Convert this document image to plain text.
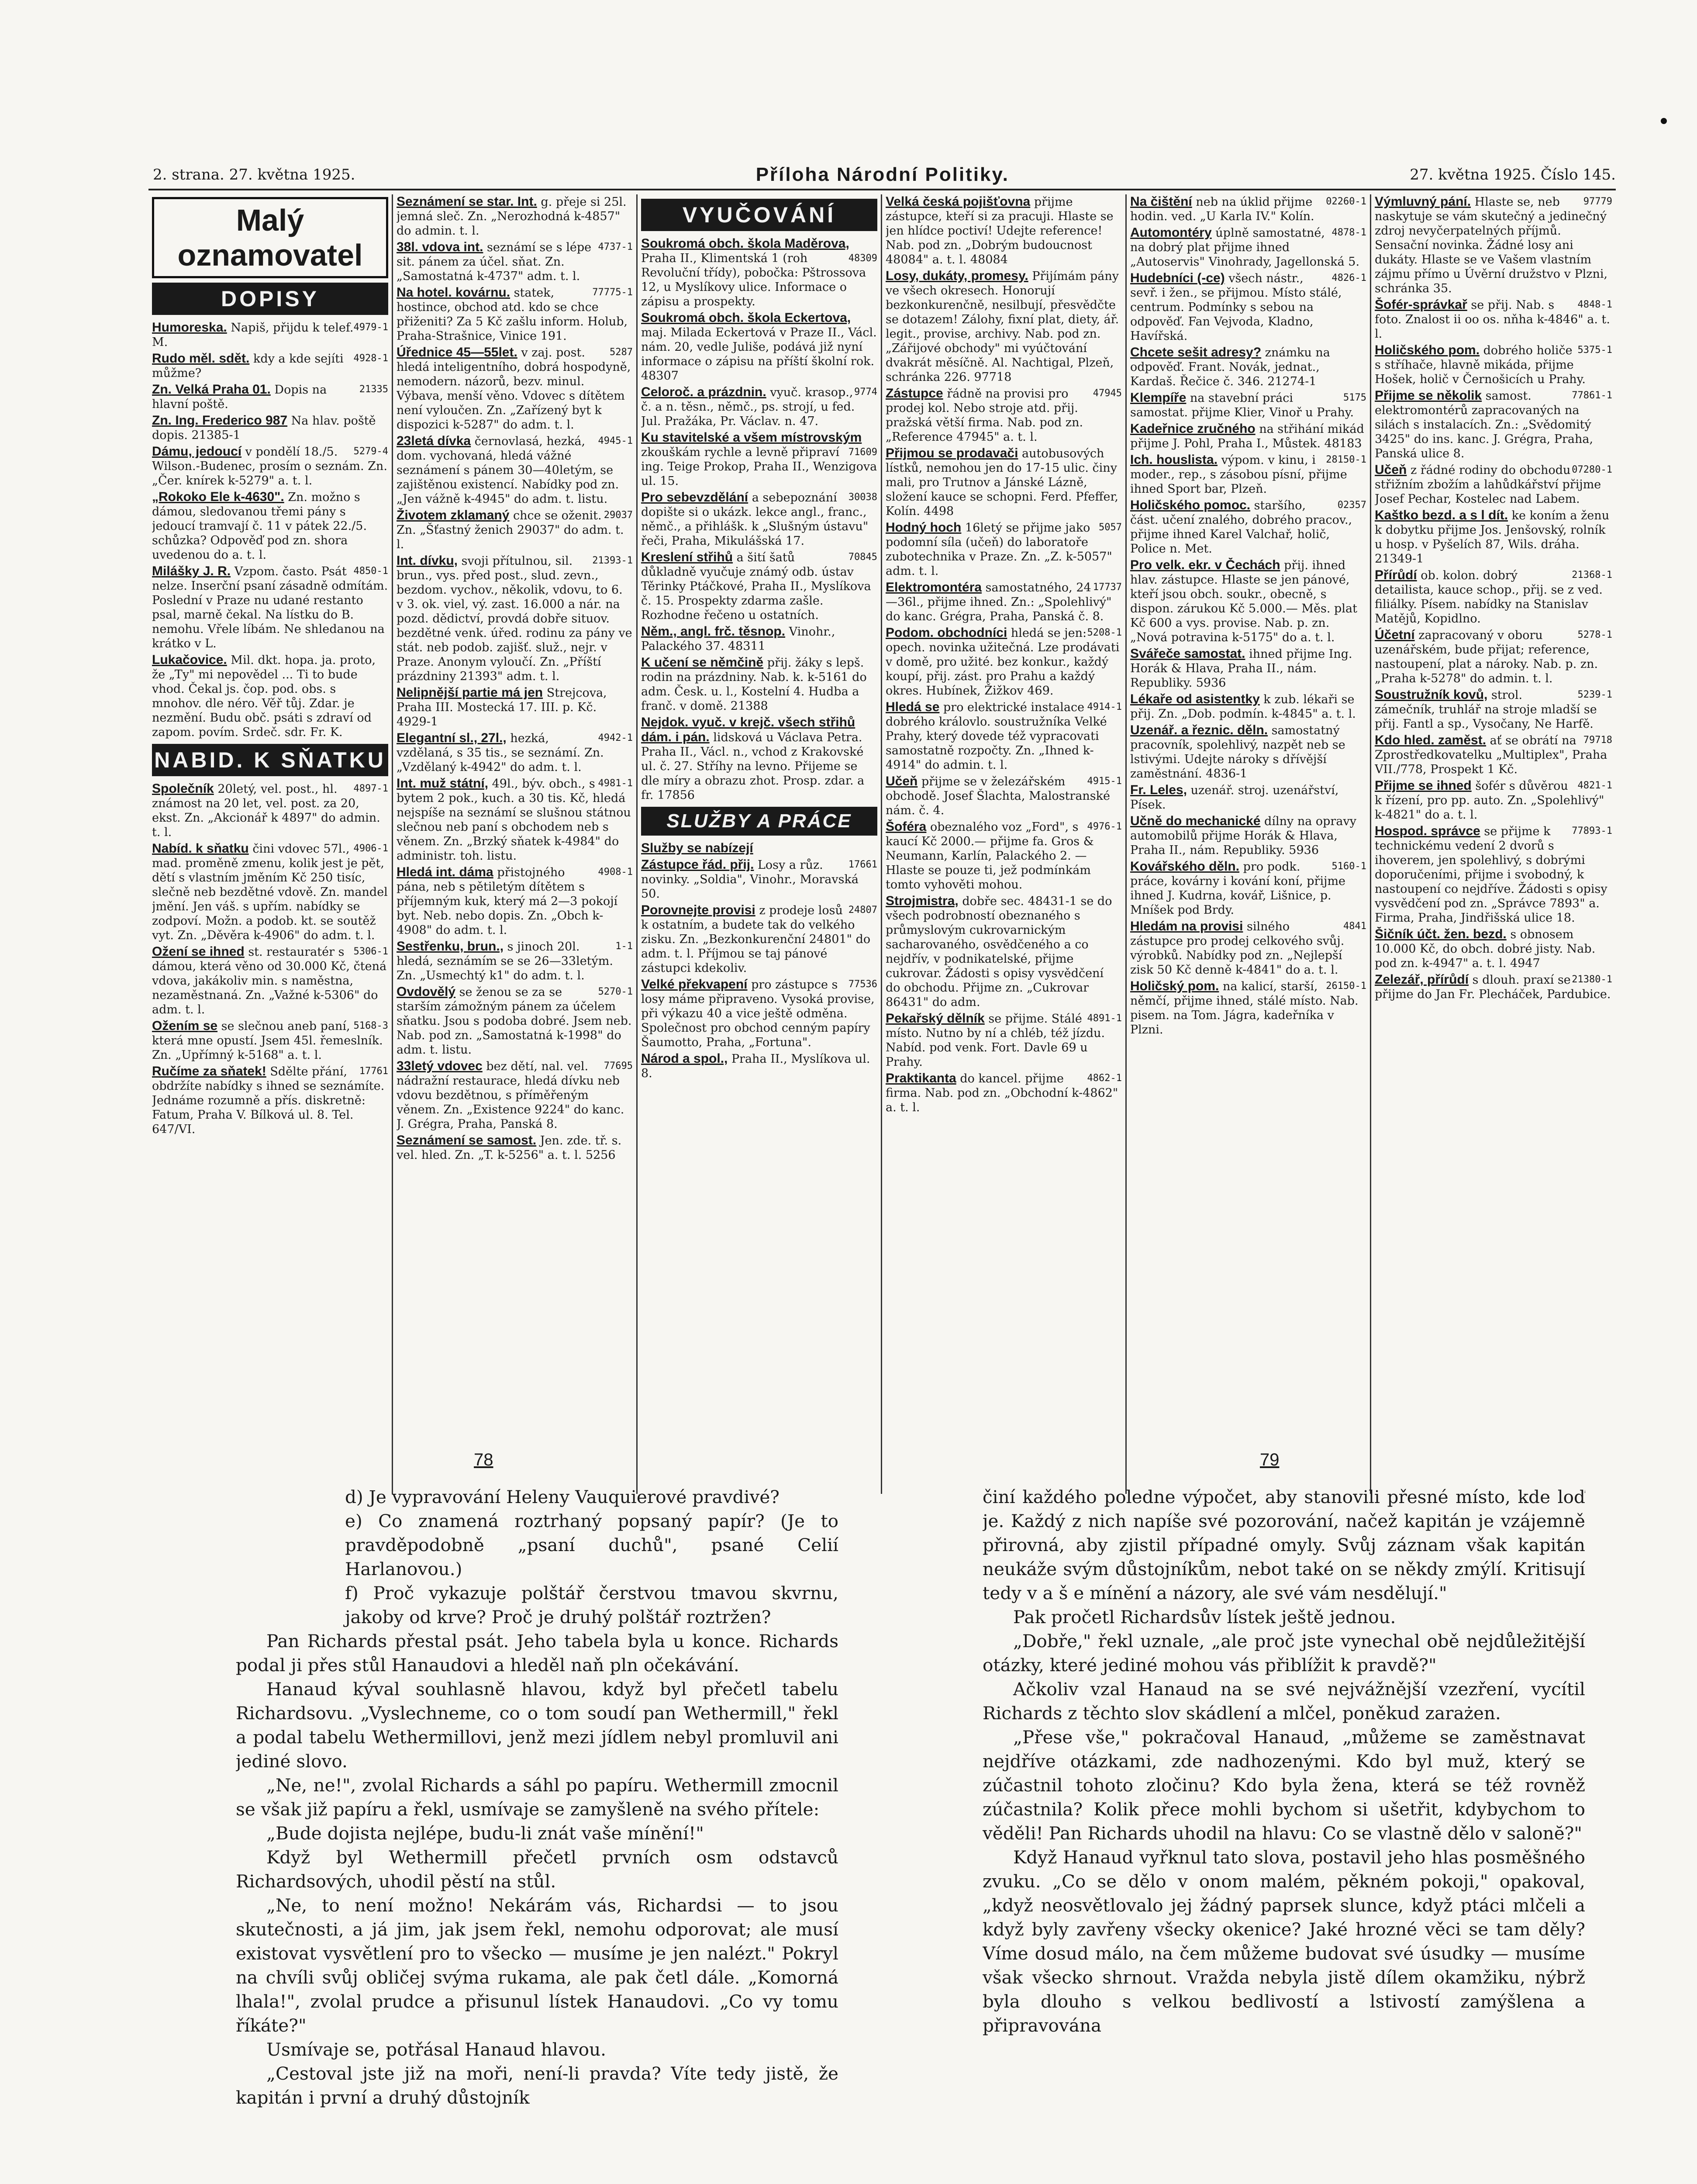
2. strana. 27. května 1925.	Příloha Národní Politiky.	27. května 1925. Číslo 145.
Malý oznamovatel
DOPISY
Humoreska.	4979-1
Napiš, přijdu k telef. M.
Rudo měl. sdět.	4928-1
kdy a kde sejíti můžme?
Zn. Velká Praha 01.	21335
Dopis na hlavní poště.
Zn. Ing. Frederico 987 Na hlav. poště dopis. 21385-1
Dámu, jedoucí	5279-4
v pondělí 18./5. Wilson.-Budenec, prosím o seznám. Zn. „Čer. knírek k-5279" a. t. l.
„Rokoko Ele k-4630". Zn. možno s dámou, sledovanou třemi pány s jedoucí tramvají č. 11 v pátek 22./5. schůzka? Odpověď pod zn. shora uvedenou do a. t. l.
Milášky J. R.	4850-1
Vzpom. často. Psát nelze. Inserční psaní zásadně odmítám. Poslední v Praze nu udané restanto psal, marně čekal. Na lístku do B. nemohu. Vřele líbám. Ne shledanou na krátko v L.
Lukačovice. Mil. dkt. hopa. ja. proto, že „Ty" mi nepovědel ... Ti to bude vhod. Čekal js. čop. pod. obs. s mnohov. dle néro. Věř tůj. Zdar. je nezmění. Budu obč. psáti s zdraví od zapom. povím. Srdeč. sdr. Fr. K.
NABID. K SŇATKU
Společník	4897-1
20letý, vel. post., hl. známost na 20 let, vel. post. za 20, ekst. Zn. „Akcionář k 4897" do admin. t. l.
Nabíd. k sňatku	4906-1
čini vdovec 57l., mad. proměně zmenu, kolik jest je pět, dětí s vlastním jměním Kč 250 tisíc, slečně neb bezdětné vdově. Zn. mandel jmění. Jen váš. s upřím. nabídky se zodpoví. Možn. a podob. kt. se soutěž vyt. Zn. „Děvěra k-4906" do adm. t. l.
Ožení se ihned	5306-1
st. restauratér s dámou, která věno od 30.000 Kč, čtená vdova, jakákoliv min. s naměstna, nezaměstnaná. Zn. „Važné k-5306" do adm. t. l.
Ožením se	5168-3
se slečnou aneb paní, která mne opustí. Jsem 45l. řemeslník. Zn. „Upřímný k-5168" a. t. l.
Ručíme za sňatek!	17761
Sdělte přání, obdržíte nabídky s ihned se seznámíte. Jednáme rozumně a přís. diskretně: Fatum, Praha V. Bílková ul. 8. Tel. 647/VI.
Seznámení se star. Int. g. přeje si 25l. jemná sleč. Zn. „Nerozhodná k-4857" do admin. t. l.
38l. vdova int.	4737-1
seznámí se s lépe sit. pánem za účel. sňat. Zn. „Samostatná k-4737" adm. t. l.
Na hotel. kovárnu.	77775-1
statek, hostince, obchod atd. kdo se chce přiženiti? Za 5 Kč zašlu inform. Holub, Praha-Strašnice, Vinice 191.
Úřednice 45—55let.	5287
v zaj. post. hledá inteligentního, dobrá hospodyně, nemodern. názorů, bezv. minul. Výbava, menší věno. Vdovec s dítětem není vyloučen. Zn. „Zařízený byt k dispozici k-5287" do adm. t. l.
23letá dívka	4945-1
černovlasá, hezká, dom. vychovaná, hledá vážné seznámení s pánem 30—40letým, se zajištěnou existencí. Nabídky pod zn. „Jen vážně k-4945" do adm. t. listu.
Životem zklamaný	29037
chce se oženit. Zn. „Šťastný ženich 29037" do adm. t. l.
Int. dívku,	21393-1
svoji přítulnou, sil. brun., vys. před post., slud. zevn., bezdom. vychov., několik, vdovu, to 6. v 3. ok. viel, vý. zast. 16.000 a nár. na pozd. dědictví, provdá dobře situov. bezdětné venk. úřed. rodinu za pány ve stát. neb podob. zajišť. služ., nejr. v Praze. Anonym vyloučí. Zn. „Příští prázdniny 21393" adm. t. l.
Nelipnější partie má jen Strejcova, Praha III. Mostecká 17. III. p. Kč. 4929-1
Elegantní sl., 27l.,	4942-1
hezká, vzdělaná, s 35 tis., se seznámí. Zn. „Vzdělaný k-4942" do adm. t. l.
Int. muž státní,	4981-1
49l., býv. obch., s bytem 2 pok., kuch. a 30 tis. Kč, hledá nejspíše na seznámí se slušnou státnou slečnou neb paní s obchodem neb s věnem. Zn. „Brzký sňatek k-4984" do administr. toh. listu.
Hledá int. dáma	4908-1
přistojného pána, neb s pětiletým dítětem s příjemným kuk, který má 2—3 pokojí byt. Neb. nebo dopis. Zn. „Obch k-4908" do adm. t. l.
Sestřenku, brun.,	1-1
s jinoch 20l. hledá, seznámím se se 26—33letým. Zn. „Usmechtý k1" do adm. t. l.
Ovdovělý	5270-1
se ženou se za se starším zámožným pánem za účelem sňatku. Jsou s podoba dobré. Jsem neb. Nab. pod zn. „Samostatná k-1998" do adm. t. listu.
33letý vdovec	77695
bez dětí, nal. vel. nádražní restaurace, hledá dívku neb vdovu bezdětnou, s příměřeným věnem. Zn. „Existence 9224" do kanc. J. Grégra, Praha, Panská 8.
Seznámení se samost. Jen. zde. tř. s. vel. hled. Zn. „T. k-5256" a. t. l. 5256
VYUČOVÁNÍ
Soukromá obch. škola Maděrova,
48309
Praha II., Klimentská 1 (roh Revoluční třídy), pobočka: Pštrossova 12, u Myslíkovy ulice. Informace o zápisu a prospekty.
Soukromá obch. škola Eckertova, maj. Milada Eckertová v Praze II., Václ. nám. 20, vedle Juliše, podává již nyní informace o zápisu na příští školní rok. 48307
Celoroč. a prázdnin.	9774
vyuč. krasop., č. a n. těsn., němč., ps. strojí, u fed. Jul. Pražáka, Pr. Václav. n. 47.
Ku stavitelské a všem místrovským
71609
zkouškám rychle a levně připraví ing. Teige Prokop, Praha II., Wenzigova ul. 15.
Pro sebevzdělání	30038
a sebepoznání dopište si o ukázk. lekce angl., franc., němč., a přihlášk. k „Slušným ústavu" řeči, Praha, Mikulášská 17.
Kreslení střihů	70845
a šití šatů důkladně vyučuje známý odb. ústav Těrinky Ptáčkové, Praha II., Myslíkova č. 15. Prospekty zdarma zašle. Rozhodne řečeno u ostatních.
Něm., angl. frč. těsnop. Vinohr., Palackého 37. 48311
K učení se němčině přij. žáky s lepš. rodin na prázdniny. Nab. k. k-5161 do adm. Česk. u. l., Kostelní 4. Hudba a franč. v domě. 21388
Nejdok. vyuč. v krejč. všech střihů dám. i pán. lidsková u Václava Petra. Praha II., Václ. n., vchod z Krakovské ul. č. 27. Stříhy na levno. Přijeme se dle míry a obrazu zhot. Prosp. zdar. a fr. 17856
SLUŽBY A PRÁCE
Služby se nabízejí
Zástupce řád. přij.	17661
Losy a růz. novinky. „Soldia", Vinohr., Moravská 50.
Porovnejte provisi	24807
z prodeje losů k ostatním, a budete tak do velkého zisku. Zn. „Bezkonkurenční 24801" do adm. t. l. Příjmou se taj pánové zástupci kdekoliv.
Velké překvapení	77536
pro zástupce s losy máme připraveno. Vysoká provise, při výkazu 40 a vice ještě odměna. Společnost pro obchod cenným papíry Šaumotto, Praha, „Fortuna".
Národ a spol., Praha II., Myslíkova ul. 8.
Velká česká pojišťovna přijme zástupce, kteří si za pracuji. Hlaste se jen hlídce poctiví! Udejte reference! Nab. pod zn. „Dobrým budoucnost 48084" a. t. l. 48084
Losy, dukáty, promesy. Přijímám pány ve všech okresech. Honorují bezkonkurenčně, nesilbují, přesvědčte se dotazem! Zálohy, fixní plat, diety, ář. legit., provise, archivy. Nab. pod zn. „Zářijové obchody" mi vyúčtování dvakrát měsíčně. Al. Nachtigal, Plzeň, schránka 226. 97718
Zástupce	47945
řádně na provisi pro prodej kol. Nebo stroje atd. přij. pražská větší firma. Nab. pod zn. „Reference 47945" a. t. l.
Přijmou se prodavači autobusových lístků, nemohou jen do 17-15 ulic. činy mali, pro Trutnov a Jánské Lázně, složení kauce se schopni. Ferd. Pfeffer, Kolín. 4498
Hodný hoch	5057
16letý se přijme jako podomní síla (učeň) do laboratoře zubotechnika v Praze. Zn. „Z. k-5057" adm. t. l.
Elektromontéra	17737
samostatného, 24—36l., přijme ihned. Zn.: „Spolehlivý" do kanc. Grégra, Praha, Panská č. 8.
Podom. obchodníci	5208-1
hledá se jen: opech. novinka užitečná. Lze prodávati v domě, pro užité. bez konkur., každý koupí, přij. zást. pro Prahu a každý okres. Hubínek, Žižkov 469.
Hledá se	4914-1
pro elektrické instalace dobrého královlo. soustružníka Velké Prahy, který dovede též vypracovati samostatně rozpočty. Zn. „Ihned k-4914" do admin. t. l.
Učeň	4915-1
přijme se v železářském obchodě. Josef Šlachta, Malostranské nám. č. 4.
Šoféra	4976-1
obeznalého voz „Ford", s kaucí Kč 2000.— přijme fa. Gros & Neumann, Karlín, Palackého 2. — Hlaste se pouze ti, jež podmínkám tomto vyhověti mohou.
Strojmistra, dobře sec. 48431-1 se do všech podrobností obeznaného s průmyslovým cukrovarnickým sacharovaného, osvědčeného a co nejdřív, v podnikatelské, přijme cukrovar. Žádosti s opisy vysvědčení do obchodu. Přijme zn. „Cukrovar 86431" do adm.
Pekařský dělník	4891-1
se přijme. Stálé místo. Nutno by ní a chléb, též jízdu. Nabíd. pod venk. Fort. Davle 69 u Prahy.
Praktikanta	4862-1
do kancel. přijme firma. Nab. pod zn. „Obchodní k-4862" a. t. l.
Na čištění	02260-1
neb na úklid přijme hodin. ved. „U Karla IV." Kolín.
Automontéry	4878-1
úplně samostatné, na dobrý plat přijme ihned „Autoservis" Vinohrady, Jagellonská 5.
Hudebníci (-ce)	4826-1
všech nástr., sevř. i žen., se přijmou. Místo stálé, centrum. Podmínky s sebou na odpověď. Fan Vejvoda, Kladno, Havířská.
Chcete sešit adresy? známku na odpověď. Frant. Novák, jednat., Kardaš. Řečice č. 346. 21274-1
Klempíře	5175
na stavební práci samostat. přijme Klier, Vinoř u Prahy.
Kadeřnice zručného na střihání mikád přijme J. Pohl, Praha I., Můstek. 48183
Ich. houslista.	28150-1
výpom. v kinu, i moder., rep., s zásobou písní, přijme ihned Sport bar, Plzeň.
Holičského pomoc.	02357
staršího, část. učení znalého, dobrého pracov., přijme ihned Karel Valchař, holič, Police n. Met.
Pro velk. ekr. v Čechách přij. ihned hlav. zástupce. Hlaste se jen pánové, kteří jsou obch. soukr., obecně, s dispon. zárukou Kč 5.000.— Měs. plat Kč 600 a vys. provise. Nab. p. zn. „Nová potravina k-5175" do a. t. l.
Svářeče samostat. ihned přijme Ing. Horák & Hlava, Praha II., nám. Republiky. 5936
Lékaře od asistentky k zub. lékaři se přij. Zn. „Dob. podmín. k-4845" a. t. l.
Uzenář. a řeznic. děln. samostatný pracovník, spolehlivý, nazpět neb se lstivými. Udejte nároky s dřívější zaměstnání. 4836-1
Fr. Leles, uzenář. stroj. uzenářství, Písek.
Učně do mechanické dílny na opravy automobilů přijme Horák & Hlava, Praha II., nám. Republiky. 5936
Kovářského děln.	5160-1
pro podk. práce, kovárny i kování koní, přijme ihned J. Kudrna, kovář, Lišnice, p. Mníšek pod Brdy.
Hledám na provisi	4841
silného zástupce pro prodej celkového svůj. výrobků. Nabídky pod zn. „Nejlepší zisk 50 Kč denně k-4841" do a. t. l.
Holičský pom.	26150-1
na kalicí, starší, němčí, přijme ihned, stálé místo. Nab. pisem. na Tom. Jágra, kadeřníka v Plzni.
Výmluvný pání.	97779
Hlaste se, neb naskytuje se vám skutečný a jedinečný zdroj nevyčerpatelných příjmů. Sensační novinka. Žádné losy ani dukáty. Hlaste se ve Vašem vlastním zájmu přímo u Úvěrní družstvo v Plzni, schránka 35.
Šofér-správkař	4848-1
se přij. Nab. s foto. Znalost ii oo os. nňha k-4846" a. t. l.
Holičského pom.	5375-1
dobrého holiče s stříhače, hlavně mikáda, přijme Hošek, holič v Černošicích u Prahy.
Přijme se několik	77861-1
samost. elektromontérů zapracovaných na silách s instalacích. Zn.: „Svědomitý 3425" do ins. kanc. J. Grégra, Praha, Panská ulice 8.
Učeň	07280-1
z řádné rodiny do obchodu střižním zbožím a lahůdkářství přijme Josef Pechar, Kostelec nad Labem.
Kaštko bezd. a s l dít. ke koním a ženu k dobytku přijme Jos. Jenšovský, rolník u hosp. v Pyšelích 87, Wils. dráha. 21349-1
Přírůdí	21368-1
ob. kolon. dobrý detailista, kauce schop., přij. se z ved. filiálky. Písem. nabídky na Stanislav Matějů, Kopidlno.
Účetní	5278-1
zapracovaný v oboru uzenářském, bude přijat; reference, nastoupení, plat a nároky. Nab. p. zn. „Praha k-5278" do admin. t. l.
Soustružník kovů,	5239-1
strol. zámečník, truhlář na stroje mladší se přij. Fantl a sp., Vysočany, Ne Harfě.
Kdo hled. zaměst.	79718
ať se obrátí na Zprostředkovatelku „Multiplex", Praha VII./778, Prospekt 1 Kč.
Přijme se ihned	4821-1
šofér s důvěrou k řízení, pro pp. auto. Zn. „Spolehlivý" k-4821" do a. t. l.
Hospod. správce	77893-1
se přijme k technickému vedení 2 dvorů s ihoverem, jen spolehlivý, s dobrými doporučeními, přijme i svobodný, k nastoupení co nejdříve. Žádosti s opisy vysvědčení pod zn. „Správce 7893" a. Firma, Praha, Jindřišská ulice 18.
Šičník účt. žen. bezd. s obnosem 10.000 Kč, do obch. dobré jisty. Nab. pod zn. k-4947" a. t. l. 4947
Zelezář, přírůdí	21380-1
s dlouh. praxí se přijme do Jan Fr. Plecháček, Pardubice.
78	79

d) Je vypravování Heleny Vauquierové pravdivé?

e) Co znamená roztrhaný popsaný papír? (Je to pravděpodobně „psaní duchů", psané Celií Harlanovou.)

f) Proč vykazuje polštář čerstvou tmavou skvrnu, jakoby od krve? Proč je druhý polštář roztržen?

Pan Richards přestal psát. Jeho tabela byla u konce. Richards podal ji přes stůl Hanaudovi a hleděl naň pln očekávání.

Hanaud kýval souhlasně hlavou, když byl přečetl tabelu Richardsovu. „Vyslechneme, co o tom soudí pan Wethermill," řekl a podal tabelu Wethermillovi, jenž mezi jídlem nebyl promluvil ani jediné slovo.

„Ne, ne!", zvolal Richards a sáhl po papíru. Wethermill zmocnil se však již papíru a řekl, usmívaje se zamyšleně na svého přítele:

„Bude dojista nejlépe, budu-li znát vaše mínění!"

Když byl Wethermill přečetl prvních osm odstavců Richardsových, uhodil pěstí na stůl.

„Ne, to není možno! Nekárám vás, Richardsi — to jsou skutečnosti, a já jim, jak jsem řekl, nemohu odporovat; ale musí existovat vysvětlení pro to všecko — musíme je jen nalézt." Pokryl na chvíli svůj obličej svýma rukama, ale pak četl dále. „Komorná lhala!", zvolal prudce a přisunul lístek Hanaudovi. „Co vy tomu říkáte?"

Usmívaje se, potřásal Hanaud hlavou.

„Cestoval jste již na moři, není-li pravda? Víte tedy jistě, že kapitán i první a druhý důstojník

činí každého poledne výpočet, aby stanovili přesné místo, kde loď je. Každý z nich napíše své pozorování, načež kapitán je vzájemně přirovná, aby zjistil případné omyly. Svůj záznam však kapitán neukáže svým důstojníkům, nebot také on se někdy zmýlí. Kritisují tedy v a š e mínění a názory, ale své vám nesdělují."

Pak pročetl Richardsův lístek ještě jednou.

„Dobře," řekl uznale, „ale proč jste vynechal obě nejdůležitější otázky, které jediné mohou vás přiblížit k pravdě?"

Ačkoliv vzal Hanaud na se své nejvážnější vzezření, vycítil Richards z těchto slov skádlení a mlčel, poněkud zarażen.

„Přese vše," pokračoval Hanaud, „můžeme se zaměstnavat nejdříve otázkami, zde nadhozenými. Kdo byl muž, který se zúčastnil tohoto zločinu? Kdo byla žena, která se též rovněž zúčastnila? Kolik přece mohli bychom si ušetřit, kdybychom to věděli! Pan Richards uhodil na hlavu: Co se vlastně dělo v salonĕ?"

Když Hanaud vyřknul tato slova, postavil jeho hlas posměšného zvuku. „Co se dělo v onom malém, pěkném pokoji," opakoval, „když neosvětlovalo jej žádný paprsek slunce, když ptáci mlčeli a když byly zavřeny všecky okenice? Jaké hrozné věci se tam děly? Víme dosud málo, na čem můžeme budovat své úsudky — musíme však všecko shrnout. Vražda nebyla jistě dílem okamžiku, nýbrž byla dlouho s velkou bedlivostí a lstivostí zamýšlena a připravována
